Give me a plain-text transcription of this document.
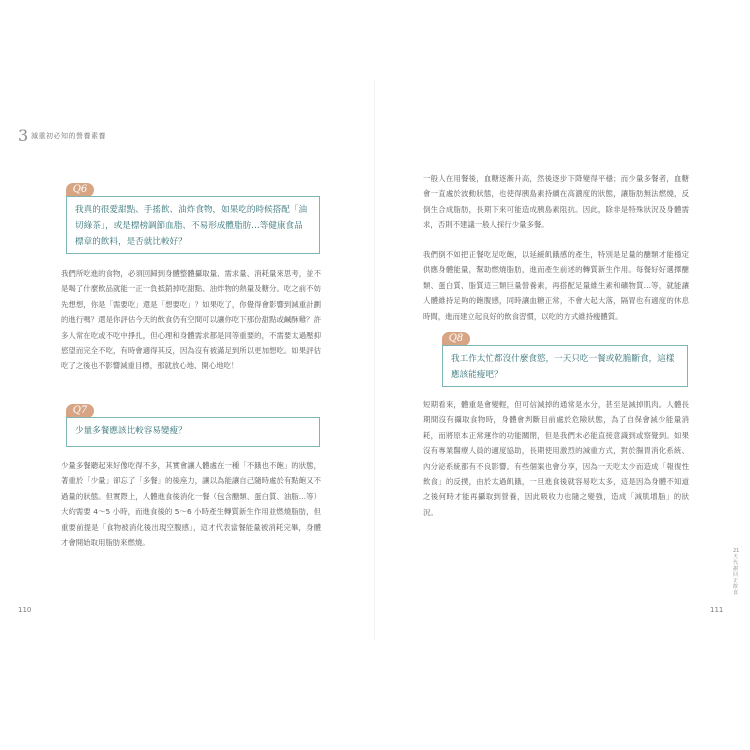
3 減重初必知的營養素養
Q6
我真的很愛甜點、手搖飲、油炸食物，如果吃的時候搭配「油切綠茶」，或是標榜調節血脂、不易形成體脂肪…等健康食品標章的飲料，是否就比較好？
我們所吃進的食物，必須回歸到身體整體攝取量、需求量、消耗量來思考，並不是喝了什麼飲品就能一正一負抵銷掉吃甜點、油炸物的熱量及糖分。吃之前不妨先想想，你是「需要吃」還是「想要吃」？如果吃了，你覺得會影響到減重計劃的進行嗎？還是你評估今天的飲食仍有空間可以讓你吃下那份甜點或鹹酥雞？許多人常在吃或不吃中掙扎，但心理和身體需求都是同等重要的，不需要太過壓抑慾望而完全不吃，有時會適得其反，因為沒有被滿足到所以更加想吃。如果評估吃了之後也不影響減重目標，那就放心地、開心地吃！
Q7
少量多餐應該比較容易變瘦？
少量多餐聽起來好像吃得不多，其實會讓人體處在一種「不餓也不飽」的狀態，著重於「少量」卻忘了「多餐」的後座力，讓以為能讓自己隨時處於有點飽又不過量的狀態。但實際上，人體進食後消化一餐（包含醣類、蛋白質、油脂…等）大約需要 4～5 小時，而進食後的 5～6 小時產生轉質新生作用並燃燒脂肪，但重要前提是「食物被消化後出現空腹感」，這才代表當餐能量被消耗完畢，身體才會開始取用脂肪來燃燒。
110
一般人在用餐後，血糖逐漸升高，然後逐步下降變得平穩；而少量多餐者，血糖會一直處於波動狀態，也使得胰島素持續在高濃度的狀態，讓脂肪無法燃燒，反倒生合成脂肪，長期下來可能造成胰島素阻抗。因此，除非是特殊狀況及身體需求，否則不建議一般人採行少量多餐。
我們倒不如把正餐吃足吃飽，以延緩飢餓感的產生，特別是足量的醣類才能穩定供應身體能量，幫助燃燒脂肪，進而產生前述的轉質新生作用。每餐好好選擇醣類、蛋白質、脂質這三類巨量營養素，再搭配足量維生素和礦物質…等，就能讓人體維持足夠的飽腹感，同時讓血糖正常，不會大起大落，隔胃也有適度的休息時間，進而建立起良好的飲食習慣，以吃的方式維持瘦體質。
Q8
我工作太忙都沒什麼食慾，一天只吃一餐或乾脆斷食，這樣應該能瘦吧？
短期看來，體重是會變輕，但可信減掉的通常是水分，甚至是減掉肌肉。人體長期間沒有攝取食物時，身體會判斷目前處於危險狀態，為了自保會減少能量消耗，而將原本正常運作的功能關閉，但是我們未必能直接意識到或察覺到。如果沒有專業醫療人員的適度協助，長期使用激烈的減重方式，對於腸胃消化系統、內分泌系統都有不良影響。有些個案也會分享，因為一天吃太少而造成「報復性飲食」的反撲，由於太過飢餓，一旦進食後就容易吃太多，這是因為身體不知道之後何時才能再攝取到營養，因此吸收力也隨之變強，造成「減肌增脂」的狀況。
111
21天代謝回正飲食
